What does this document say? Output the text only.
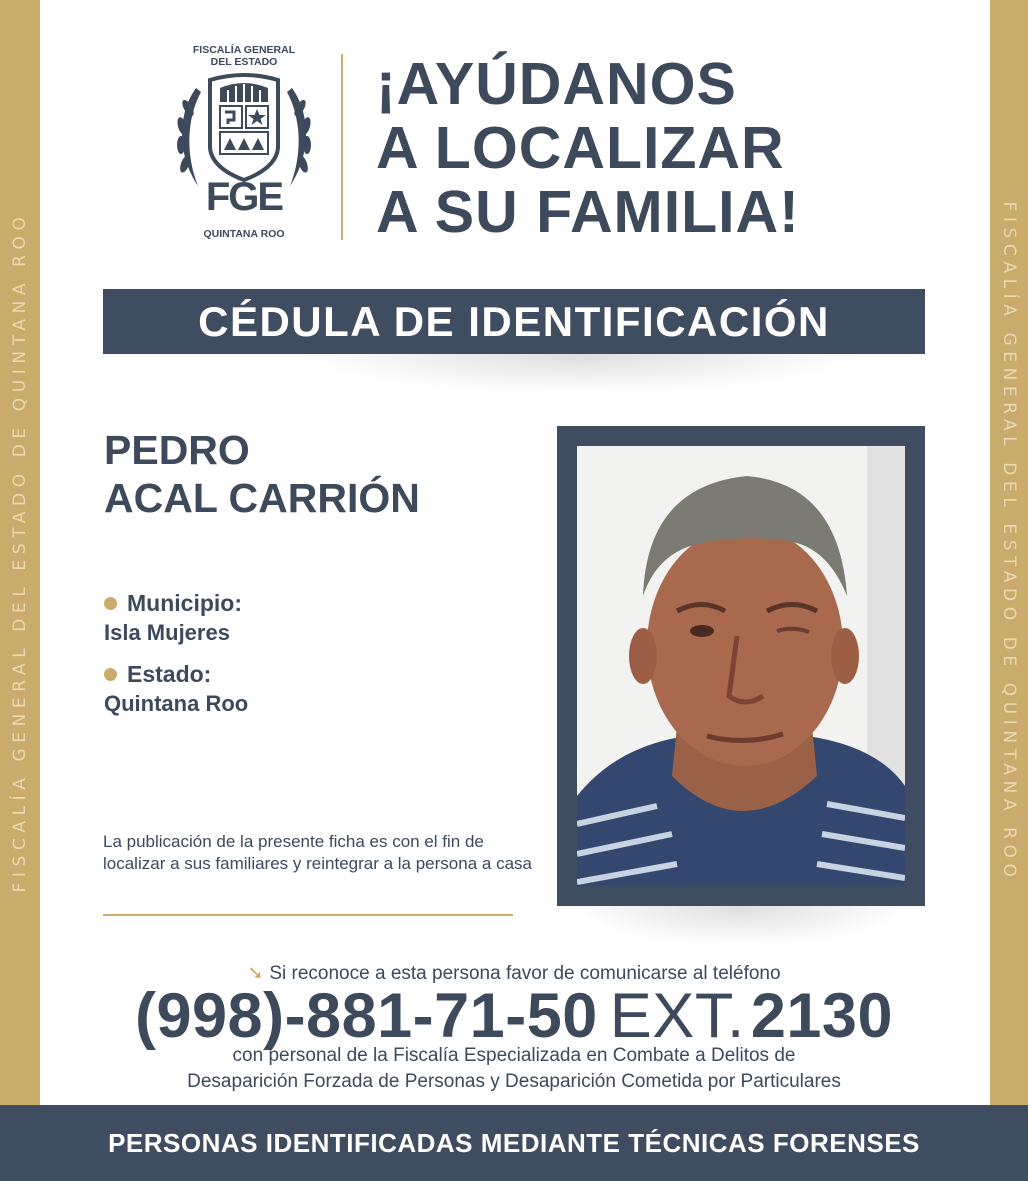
FISCALÍA GENERAL DEL ESTADO DE QUINTANA ROO	FISCALÍA GENERAL DEL ESTADO DE QUINTANA ROO
FISCALÍA GENERAL
DEL ESTADO
FGE
QUINTANA ROO
¡AYÚDANOS
A LOCALIZAR
A SU FAMILIA!
CÉDULA DE IDENTIFICACIÓN
PEDRO
ACAL CARRIÓN
Municipio:
Isla Mujeres
Estado:
Quintana Roo
La publicación de la presente ficha es con el fin de localizar a sus familiares y reintegrar a la persona a casa
➘ Si reconoce a esta persona favor de comunicarse al teléfono
(998)-881-71-50 EXT.2130
con personal de la Fiscalía Especializada en Combate a Delitos de
Desaparición Forzada de Personas y Desaparición Cometida por Particulares
PERSONAS IDENTIFICADAS MEDIANTE TÉCNICAS FORENSES
